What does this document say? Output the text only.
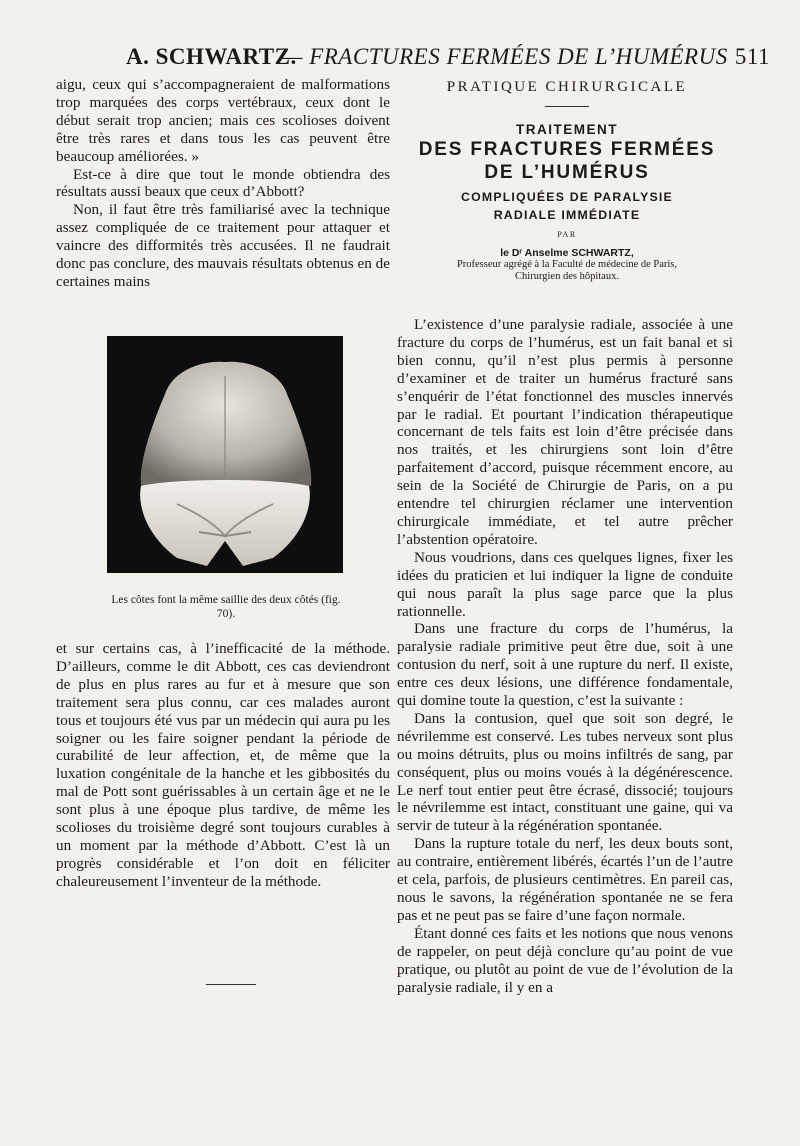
A. SCHWARTZ.
— FRACTURES FERMÉES DE L’HUMÉRUS 511

aigu, ceux qui s’accompagneraient de malformations trop marquées des corps vertébraux, ceux dont le début serait trop ancien; mais ces scolioses doivent être très rares et dans tous les cas peuvent être beaucoup améliorées. »

Est-ce à dire que tout le monde obtiendra des résultats aussi beaux que ceux d’Abbott?

Non, il faut être très familiarisé avec la technique assez compliquée de ce traitement pour attaquer et vaincre des difformités très accusées. Il ne faudrait donc pas conclure, des mauvais résultats obtenus en de certaines mains

Les côtes font la même saillie des deux côtés (fig. 70).

et sur certains cas, à l’inefficacité de la méthode. D’ailleurs, comme le dit Abbott, ces cas deviendront de plus en plus rares au fur et à mesure que son traitement sera plus connu, car ces malades auront tous et toujours été vus par un médecin qui aura pu les soigner ou les faire soigner pendant la période de curabilité de leur affection, et, de même que la luxation congénitale de la hanche et les gibbosités du mal de Pott sont guérissables à un certain âge et ne le sont plus à une époque plus tardive, de même les scolioses du troisième degré sont toujours curables à un moment par la méthode d’Abbott. C’est là un progrès considérable et l’on doit en féliciter chaleureusement l’inventeur de la méthode.

PRATIQUE CHIRURGICALE
TRAITEMENT
DES FRACTURES FERMÉES
DE L’HUMÉRUS
COMPLIQUÉES DE PARALYSIE
RADIALE IMMÉDIATE
PAR
le Dʳ Anselme SCHWARTZ,
Professeur agrégé à la Faculté de médecine de Paris,
Chirurgien des hôpitaux.

L’existence d’une paralysie radiale, associée à une fracture du corps de l’humérus, est un fait banal et si bien connu, qu’il n’est plus permis à personne d’examiner et de traiter un humérus fracturé sans s’enquérir de l’état fonctionnel des muscles innervés par le radial. Et pourtant l’indication thérapeutique concernant de tels faits est loin d’être précisée dans nos traités, et les chirurgiens sont loin d’être parfaitement d’accord, puisque récemment encore, au sein de la Société de Chirurgie de Paris, on a pu entendre tel chirurgien réclamer une intervention chirurgicale immédiate, et tel autre prêcher l’abstention opératoire.

Nous voudrions, dans ces quelques lignes, fixer les idées du praticien et lui indiquer la ligne de conduite qui nous paraît la plus sage parce que la plus rationnelle.

Dans une fracture du corps de l’humérus, la paralysie radiale primitive peut être due, soit à une contusion du nerf, soit à une rupture du nerf. Il existe, entre ces deux lésions, une différence fondamentale, qui domine toute la question, c’est la suivante :

Dans la contusion, quel que soit son degré, le névrilemme est conservé. Les tubes nerveux sont plus ou moins détruits, plus ou moins infiltrés de sang, par conséquent, plus ou moins voués à la dégénérescence. Le nerf tout entier peut être écrasé, dissocié; toujours le névrilemme est intact, constituant une gaine, qui va servir de tuteur à la régénération spontanée.

Dans la rupture totale du nerf, les deux bouts sont, au contraire, entièrement libérés, écartés l’un de l’autre et cela, parfois, de plusieurs centimètres. En pareil cas, nous le savons, la régénération spontanée ne se fera pas et ne peut pas se faire d’une façon normale.

Étant donné ces faits et les notions que nous venons de rappeler, on peut déjà conclure qu’au point de vue pratique, ou plutôt au point de vue de l’évolution de la paralysie radiale, il y en a
